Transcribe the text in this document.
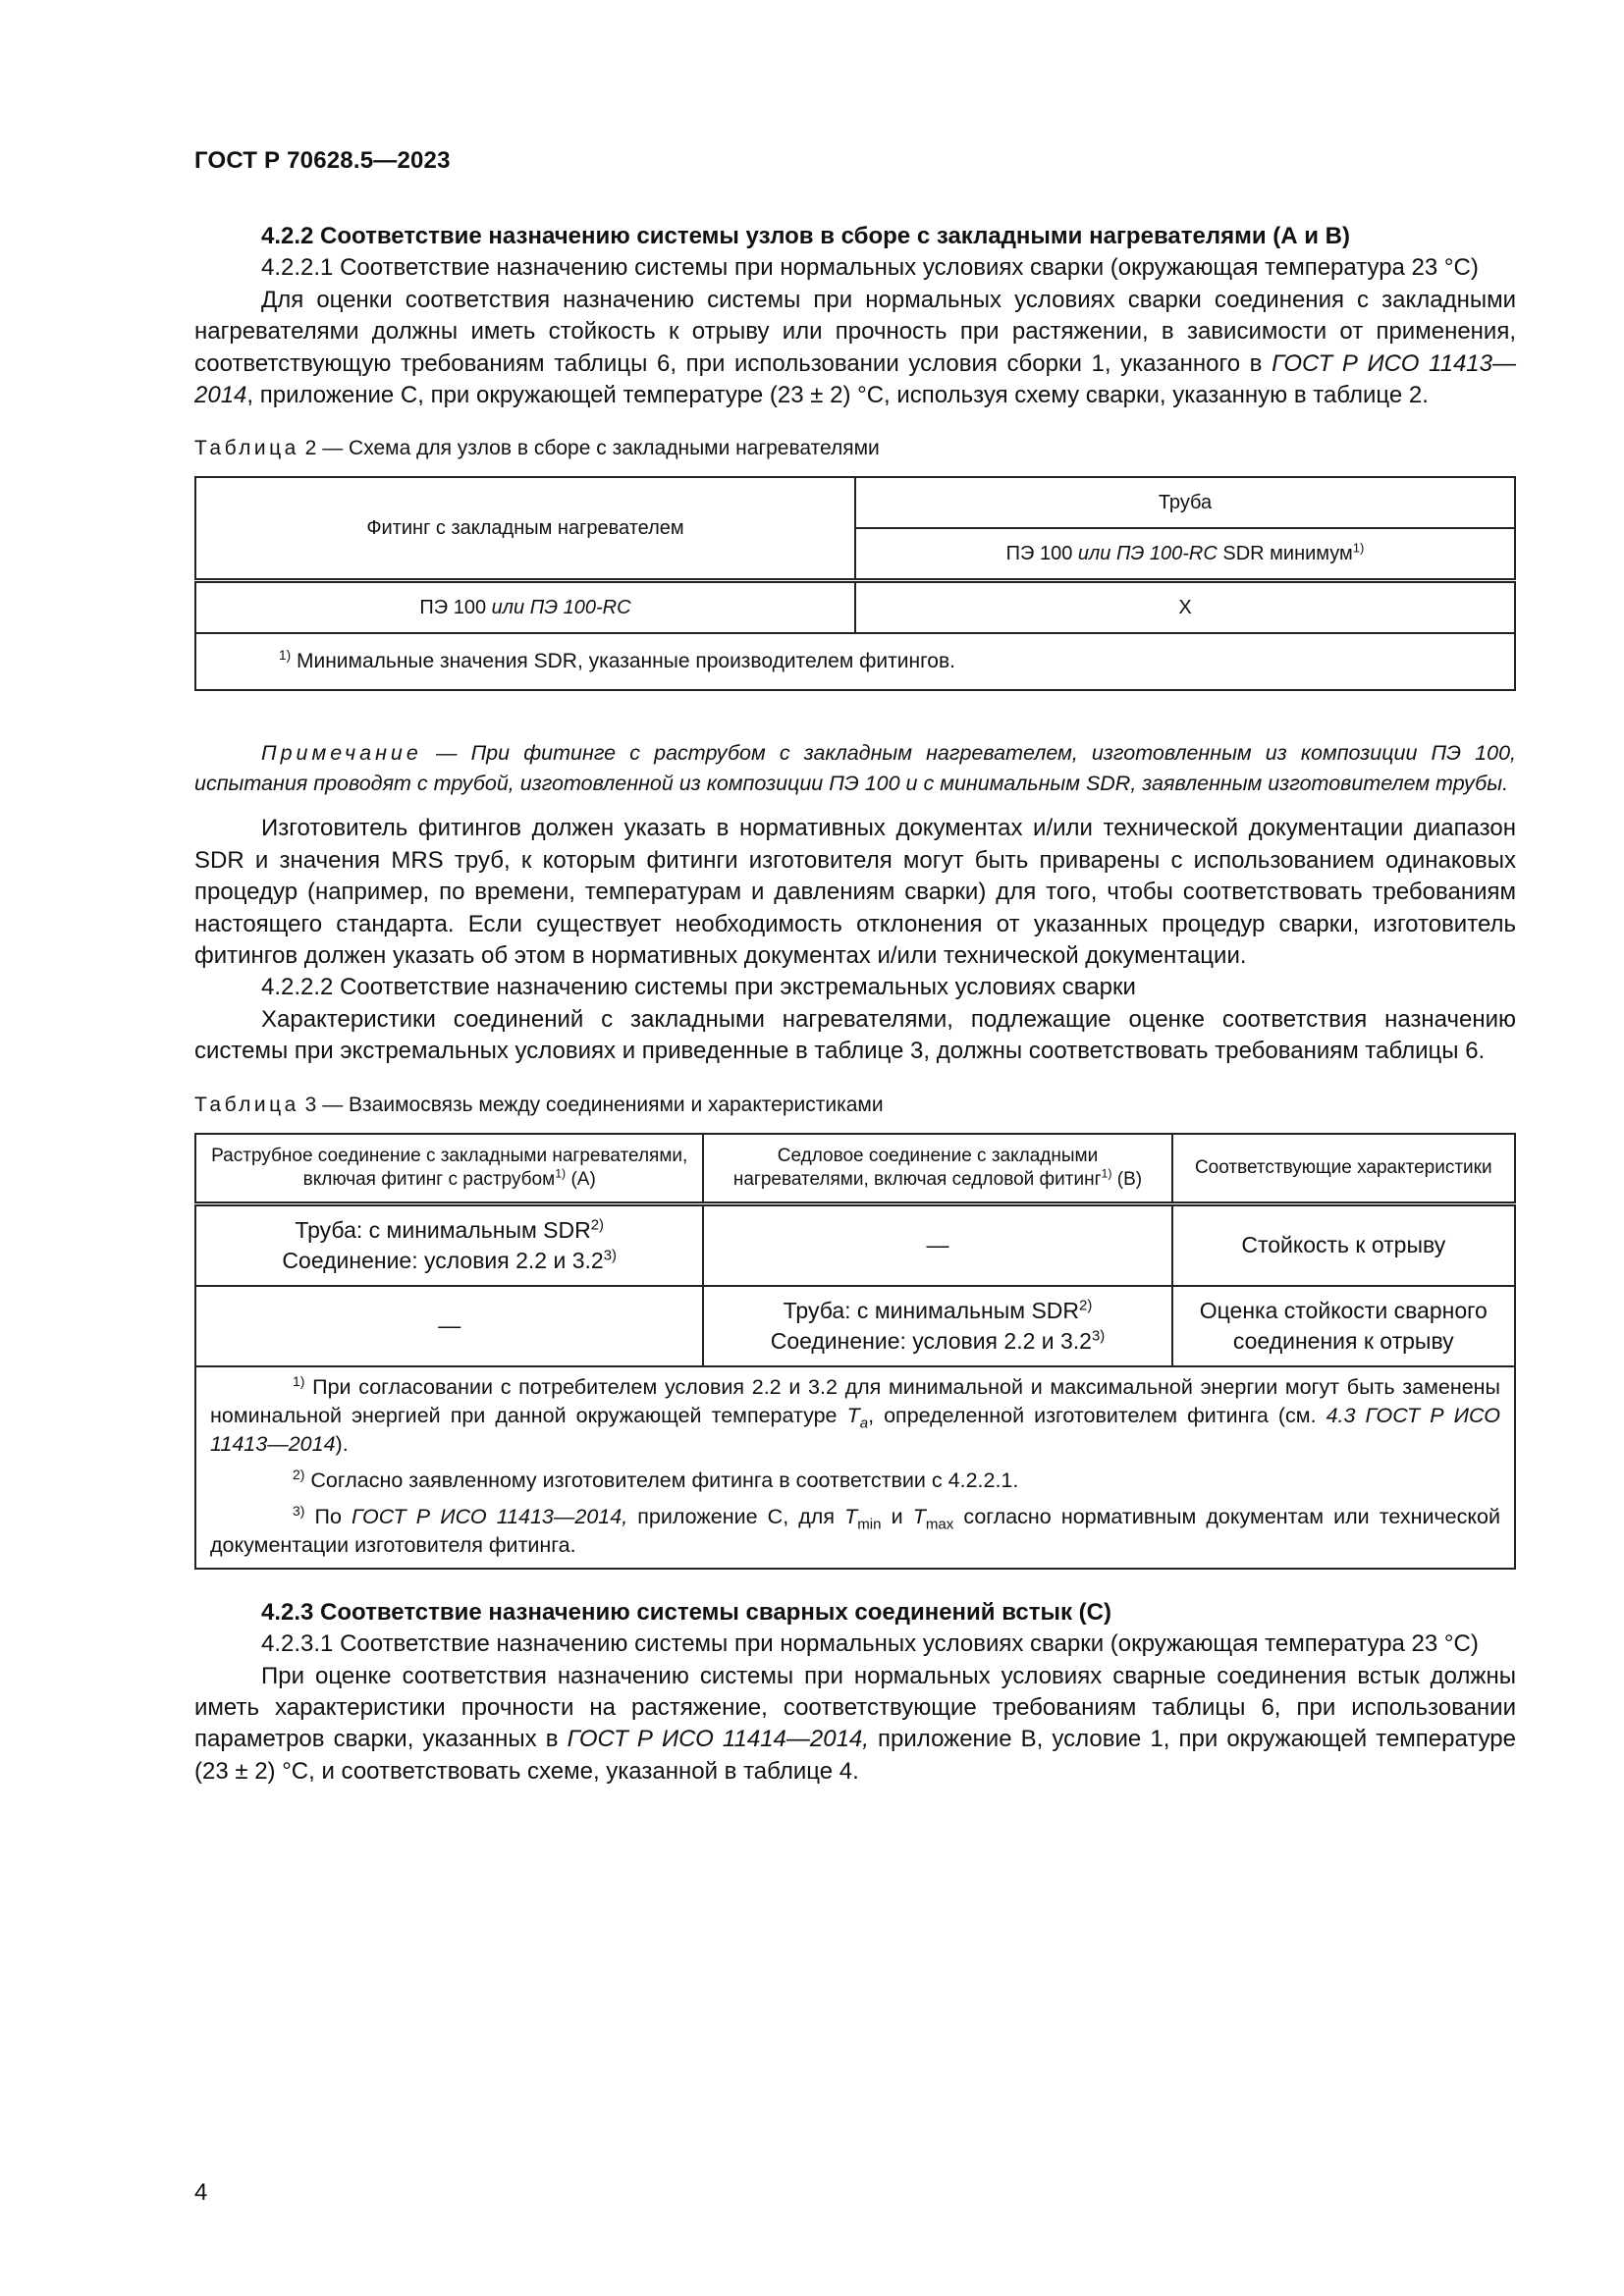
ГОСТ Р 70628.5—2023

4.2.2 Соответствие назначению системы узлов в сборе с закладными нагревателями (А и В)

4.2.2.1 Соответствие назначению системы при нормальных условиях сварки (окружающая температура 23 °С)

Для оценки соответствия назначению системы при нормальных условиях сварки соединения с закладными нагревателями должны иметь стойкость к отрыву или прочность при растяжении, в зависимости от применения, соответствующую требованиям таблицы 6, при использовании условия сборки 1, указанного в ГОСТ Р ИСО 11413—2014, приложение С, при окружающей температуре (23 ± 2) °С, используя схему сварки, указанную в таблице 2.

Таблица 2 — Схема для узлов в сборе с закладными нагревателями

Фитинг с закладным нагревателем	Труба
	ПЭ 100 или ПЭ 100-RC SDR минимум$^{1)}$
ПЭ 100 или ПЭ 100-RC	X
$^{1)}$ Минимальные значения SDR, указанные производителем фитингов.	

Примечание — При фитинге с раструбом с закладным нагревателем, изготовленным из композиции ПЭ 100, испытания проводят с трубой, изготовленной из композиции ПЭ 100 и с минимальным SDR, заявленным изготовителем трубы.

Изготовитель фитингов должен указать в нормативных документах и/или технической документации диапазон SDR и значения MRS труб, к которым фитинги изготовителя могут быть приварены с использованием одинаковых процедур (например, по времени, температурам и давлениям сварки) для того, чтобы соответствовать требованиям настоящего стандарта. Если существует необходимость отклонения от указанных процедур сварки, изготовитель фитингов должен указать об этом в нормативных документах и/или технической документации.

4.2.2.2 Соответствие назначению системы при экстремальных условиях сварки

Характеристики соединений с закладными нагревателями, подлежащие оценке соответствия назначению системы при экстремальных условиях и приведенные в таблице 3, должны соответствовать требованиям таблицы 6.

Таблица 3 — Взаимосвязь между соединениями и характеристиками

Раструбное соединение с закладными нагревателями, включая фитинг с раструбом$^{1)}$ (А)	Седловое соединение с закладными нагревателями, включая седловой фитинг$^{1)}$ (В)	Соответствующие характеристики
Труба: с минимальным SDR$^{2)}$
Соединение: условия 2.2 и 3.2$^{3)}$	—	Стойкость к отрыву
—	Труба: с минимальным SDR$^{2)}$
Соединение: условия 2.2 и 3.2$^{3)}$	Оценка стойкости сварного соединения к отрыву

$^{1)}$ При согласовании с потребителем условия 2.2 и 3.2 для минимальной и максимальной энергии могут быть заменены номинальной энергией при данной окружающей температуре $T_a$, определенной изготовителем фитинга (см. 4.3 ГОСТ Р ИСО 11413—2014).

$^{2)}$ Согласно заявленному изготовителем фитинга в соответствии с 4.2.2.1.

$^{3)}$ По ГОСТ Р ИСО 11413—2014, приложение С, для $T_{min}$ и $T_{max}$ согласно нормативным документам или технической документации изготовителя фитинга.		

4.2.3 Соответствие назначению системы сварных соединений встык (С)

4.2.3.1 Соответствие назначению системы при нормальных условиях сварки (окружающая температура 23 °С)

При оценке соответствия назначению системы при нормальных условиях сварные соединения встык должны иметь характеристики прочности на растяжение, соответствующие требованиям таблицы 6, при использовании параметров сварки, указанных в ГОСТ Р ИСО 11414—2014, приложение В, условие 1, при окружающей температуре (23 ± 2) °С, и соответствовать схеме, указанной в таблице 4.

4
